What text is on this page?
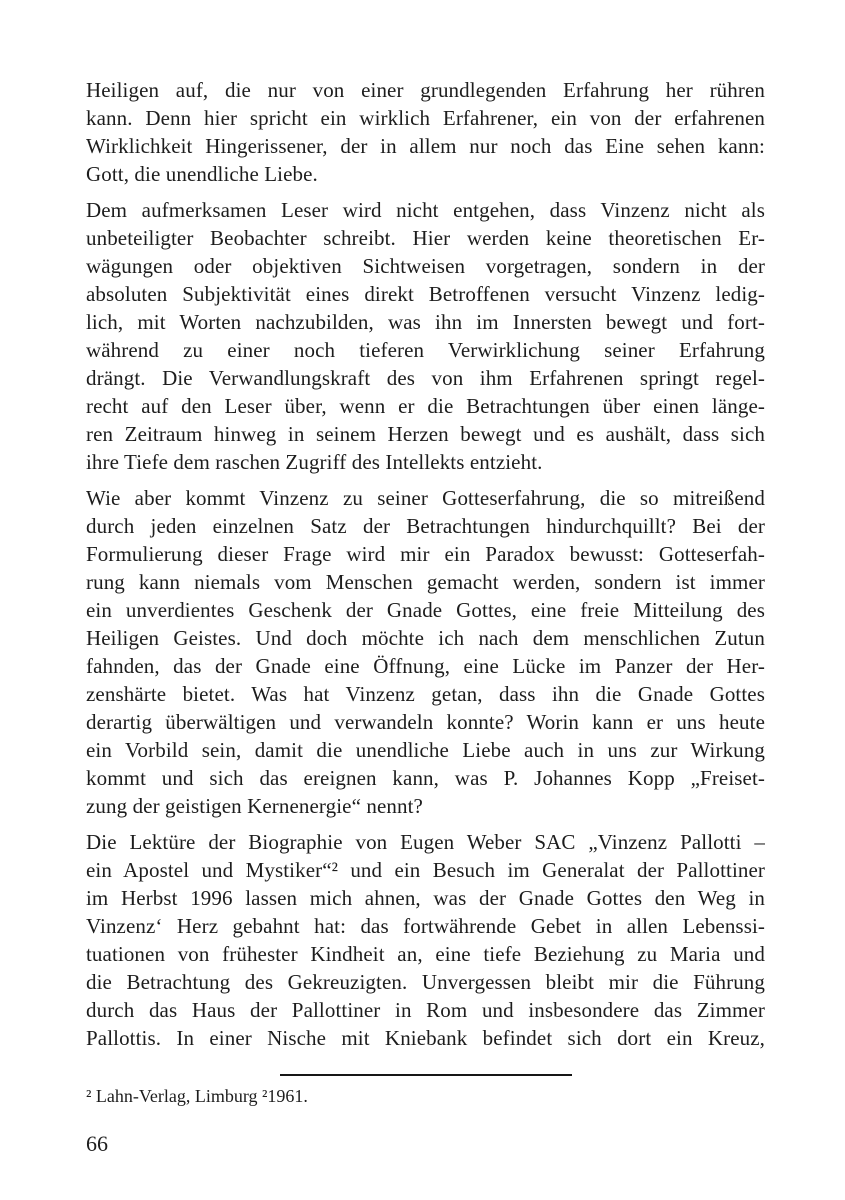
Heiligen auf, die nur von einer grundlegenden Erfahrung her rühren
kann. Denn hier spricht ein wirklich Erfahrener, ein von der erfahrenen
Wirklichkeit Hingerissener, der in allem nur noch das Eine sehen kann:
Gott, die unendliche Liebe.
Dem aufmerksamen Leser wird nicht entgehen, dass Vinzenz nicht als
unbeteiligter Beobachter schreibt. Hier werden keine theoretischen Er-
wägungen oder objektiven Sichtweisen vorgetragen, sondern in der
absoluten Subjektivität eines direkt Betroffenen versucht Vinzenz ledig-
lich, mit Worten nachzubilden, was ihn im Innersten bewegt und fort-
während zu einer noch tieferen Verwirklichung seiner Erfahrung
drängt. Die Verwandlungskraft des von ihm Erfahrenen springt regel-
recht auf den Leser über, wenn er die Betrachtungen über einen länge-
ren Zeitraum hinweg in seinem Herzen bewegt und es aushält, dass sich
ihre Tiefe dem raschen Zugriff des Intellekts entzieht.
Wie aber kommt Vinzenz zu seiner Gotteserfahrung, die so mitreißend
durch jeden einzelnen Satz der Betrachtungen hindurchquillt? Bei der
Formulierung dieser Frage wird mir ein Paradox bewusst: Gotteserfah-
rung kann niemals vom Menschen gemacht werden, sondern ist immer
ein unverdientes Geschenk der Gnade Gottes, eine freie Mitteilung des
Heiligen Geistes. Und doch möchte ich nach dem menschlichen Zutun
fahnden, das der Gnade eine Öffnung, eine Lücke im Panzer der Her-
zenshärte bietet. Was hat Vinzenz getan, dass ihn die Gnade Gottes
derartig überwältigen und verwandeln konnte? Worin kann er uns heute
ein Vorbild sein, damit die unendliche Liebe auch in uns zur Wirkung
kommt und sich das ereignen kann, was P. Johannes Kopp „Freiset-
zung der geistigen Kernenergie“ nennt?
Die Lektüre der Biographie von Eugen Weber SAC „Vinzenz Pallotti –
ein Apostel und Mystiker“² und ein Besuch im Generalat der Pallottiner
im Herbst 1996 lassen mich ahnen, was der Gnade Gottes den Weg in
Vinzenz‘ Herz gebahnt hat: das fortwährende Gebet in allen Lebenssi-
tuationen von frühester Kindheit an, eine tiefe Beziehung zu Maria und
die Betrachtung des Gekreuzigten. Unvergessen bleibt mir die Führung
durch das Haus der Pallottiner in Rom und insbesondere das Zimmer
Pallottis. In einer Nische mit Kniebank befindet sich dort ein Kreuz,
² Lahn-Verlag, Limburg ²1961.
66
